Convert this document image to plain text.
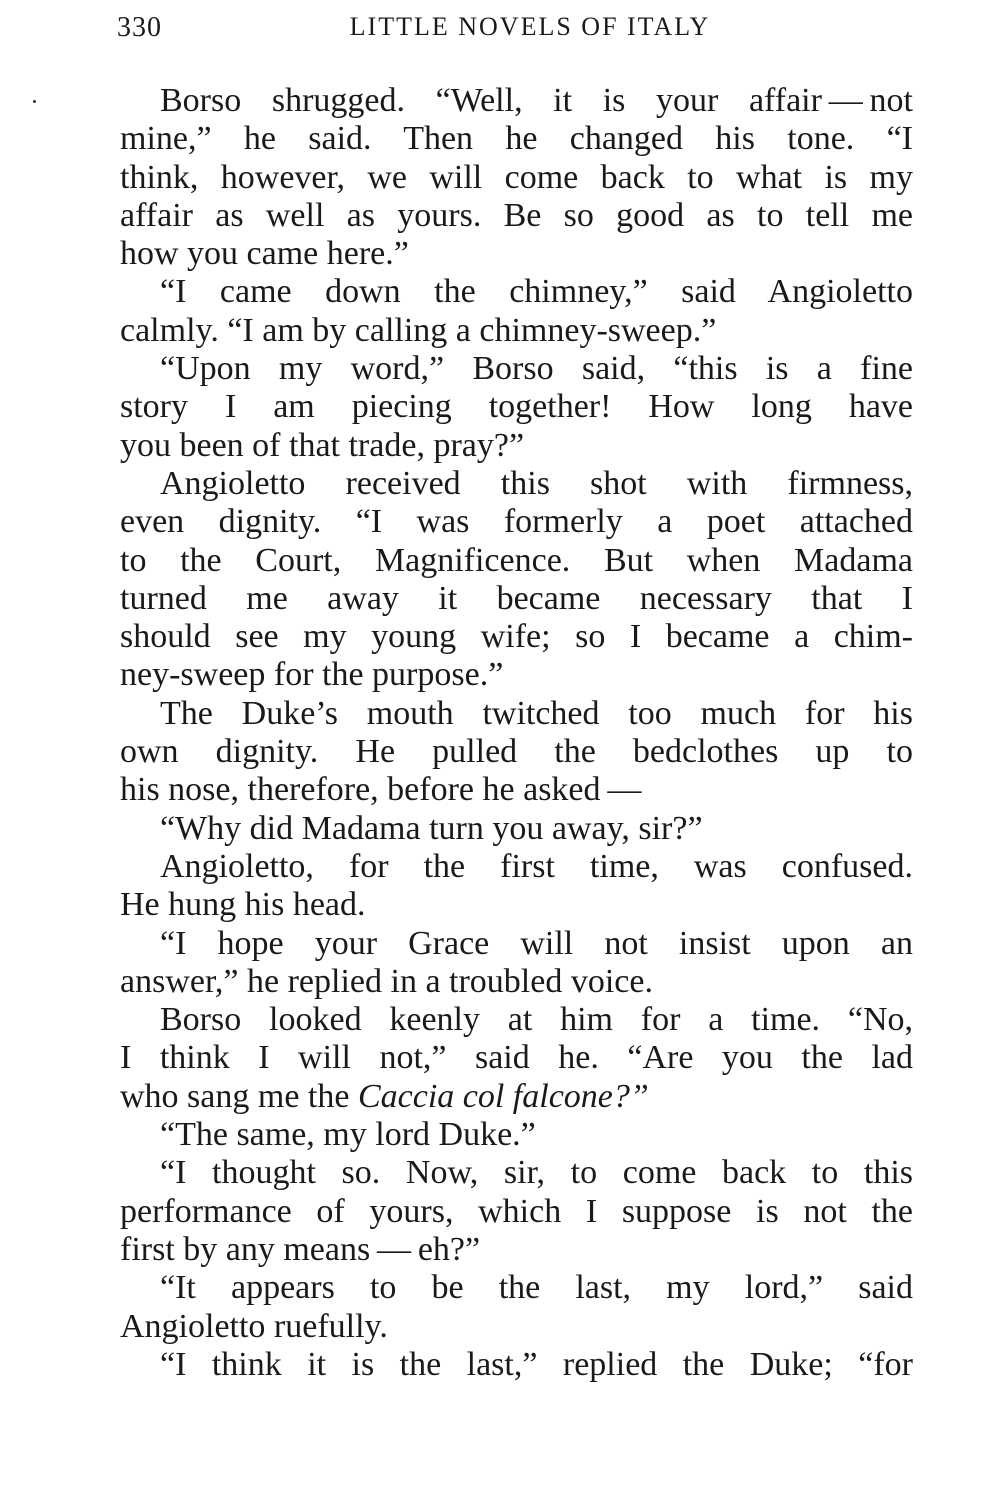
330	LITTLE NOVELS OF ITALY
Borso shrugged. “Well, it is your affair — not
mine,” he said. Then he changed his tone. “I
think, however, we will come back to what is my
affair as well as yours. Be so good as to tell me
how you came here.”
“I came down the chimney,” said Angioletto
calmly. “I am by calling a chimney-sweep.”
“Upon my word,” Borso said, “this is a fine
story I am piecing together! How long have
you been of that trade, pray?”
Angioletto received this shot with firmness,
even dignity. “I was formerly a poet attached
to the Court, Magnificence. But when Madama
turned me away it became necessary that I
should see my young wife; so I became a chim-
ney-sweep for the purpose.”
The Duke’s mouth twitched too much for his
own dignity. He pulled the bedclothes up to
his nose, therefore, before he asked —
“Why did Madama turn you away, sir?”
Angioletto, for the first time, was confused.
He hung his head.
“I hope your Grace will not insist upon an
answer,” he replied in a troubled voice.
Borso looked keenly at him for a time. “No,
I think I will not,” said he. “Are you the lad
who sang me the Caccia col falcone?”
“The same, my lord Duke.”
“I thought so. Now, sir, to come back to this
performance of yours, which I suppose is not the
first by any means — eh?”
“It appears to be the last, my lord,” said
Angioletto ruefully.
“I think it is the last,” replied the Duke; “for
